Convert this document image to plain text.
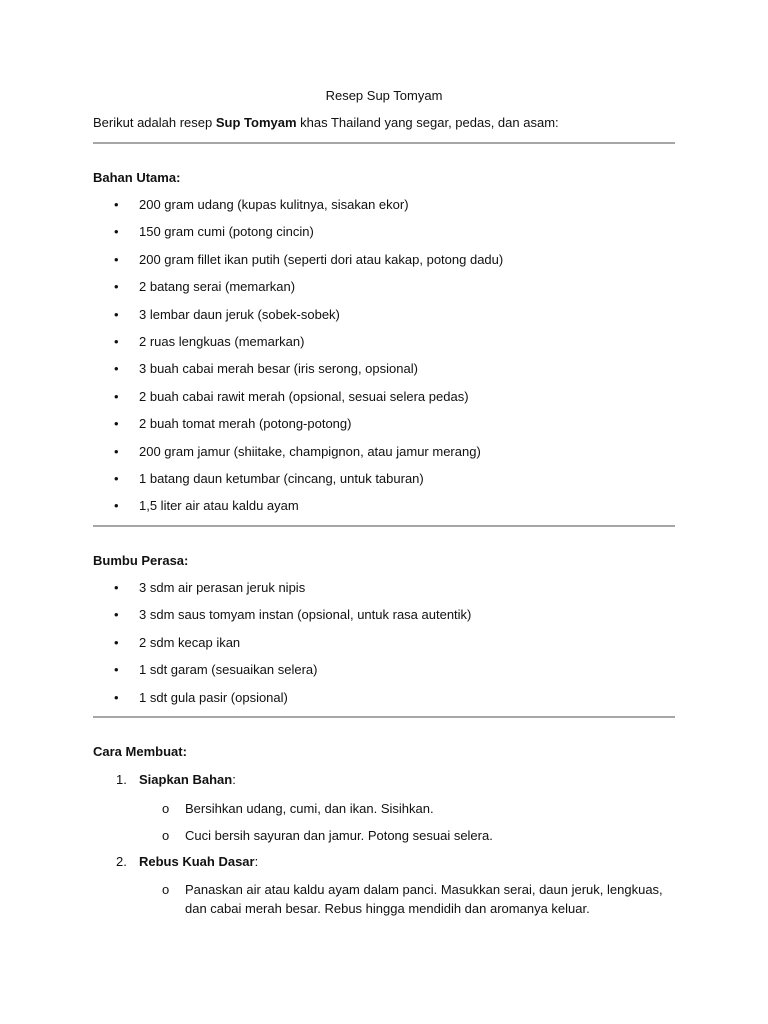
Resep Sup Tomyam
Berikut adalah resep Sup Tomyam khas Thailand yang segar, pedas, dan asam:
Bahan Utama:
• 200 gram udang (kupas kulitnya, sisakan ekor)
• 150 gram cumi (potong cincin)
• 200 gram fillet ikan putih (seperti dori atau kakap, potong dadu)
• 2 batang serai (memarkan)
• 3 lembar daun jeruk (sobek-sobek)
• 2 ruas lengkuas (memarkan)
• 3 buah cabai merah besar (iris serong, opsional)
• 2 buah cabai rawit merah (opsional, sesuai selera pedas)
• 2 buah tomat merah (potong-potong)
• 200 gram jamur (shiitake, champignon, atau jamur merang)
• 1 batang daun ketumbar (cincang, untuk taburan)
• 1,5 liter air atau kaldu ayam
Bumbu Perasa:
• 3 sdm air perasan jeruk nipis
• 3 sdm saus tomyam instan (opsional, untuk rasa autentik)
• 2 sdm kecap ikan
• 1 sdt garam (sesuaikan selera)
• 1 sdt gula pasir (opsional)
Cara Membuat:
1. Siapkan Bahan:
o Bersihkan udang, cumi, dan ikan. Sisihkan.
o Cuci bersih sayuran dan jamur. Potong sesuai selera.
2. Rebus Kuah Dasar:
o Panaskan air atau kaldu ayam dalam panci. Masukkan serai, daun jeruk, lengkuas, dan cabai merah besar. Rebus hingga mendidih dan aromanya keluar.
